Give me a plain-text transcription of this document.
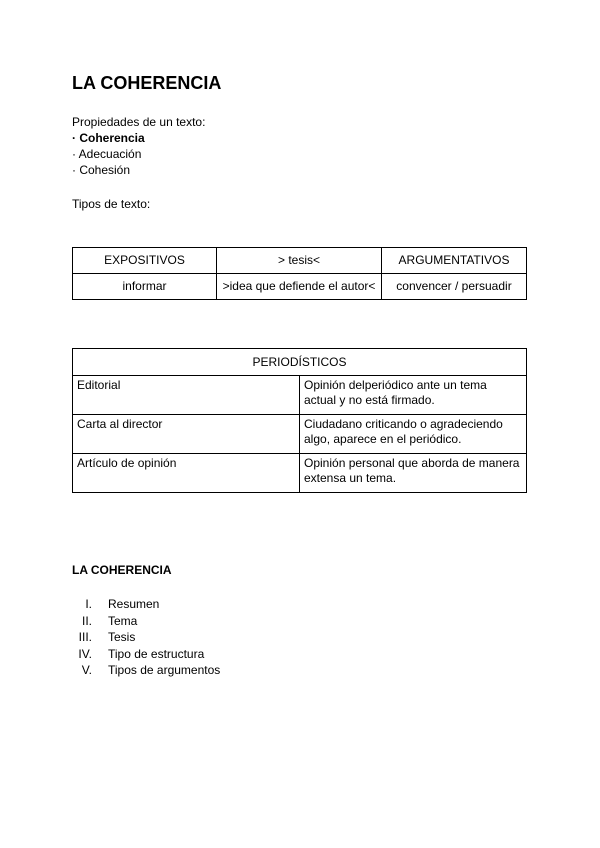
LA COHERENCIA
Propiedades de un texto:
· Coherencia
· Adecuación
· Cohesión
Tipos de texto:
EXPOSITIVOS	> tesis<	ARGUMENTATIVOS
informar	>idea que defiende el autor<	convencer / persuadir
PERIODÍSTICOS	
Editorial	Opinión delperiódico ante un tema actual y no está firmado.
Carta al director	Ciudadano criticando o agradeciendo algo, aparece en el periódico.
Artículo de opinión	Opinión personal que aborda de manera extensa un tema.
LA COHERENCIA
I. Resumen
II. Tema
III. Tesis
IV. Tipo de estructura
V. Tipos de argumentos
